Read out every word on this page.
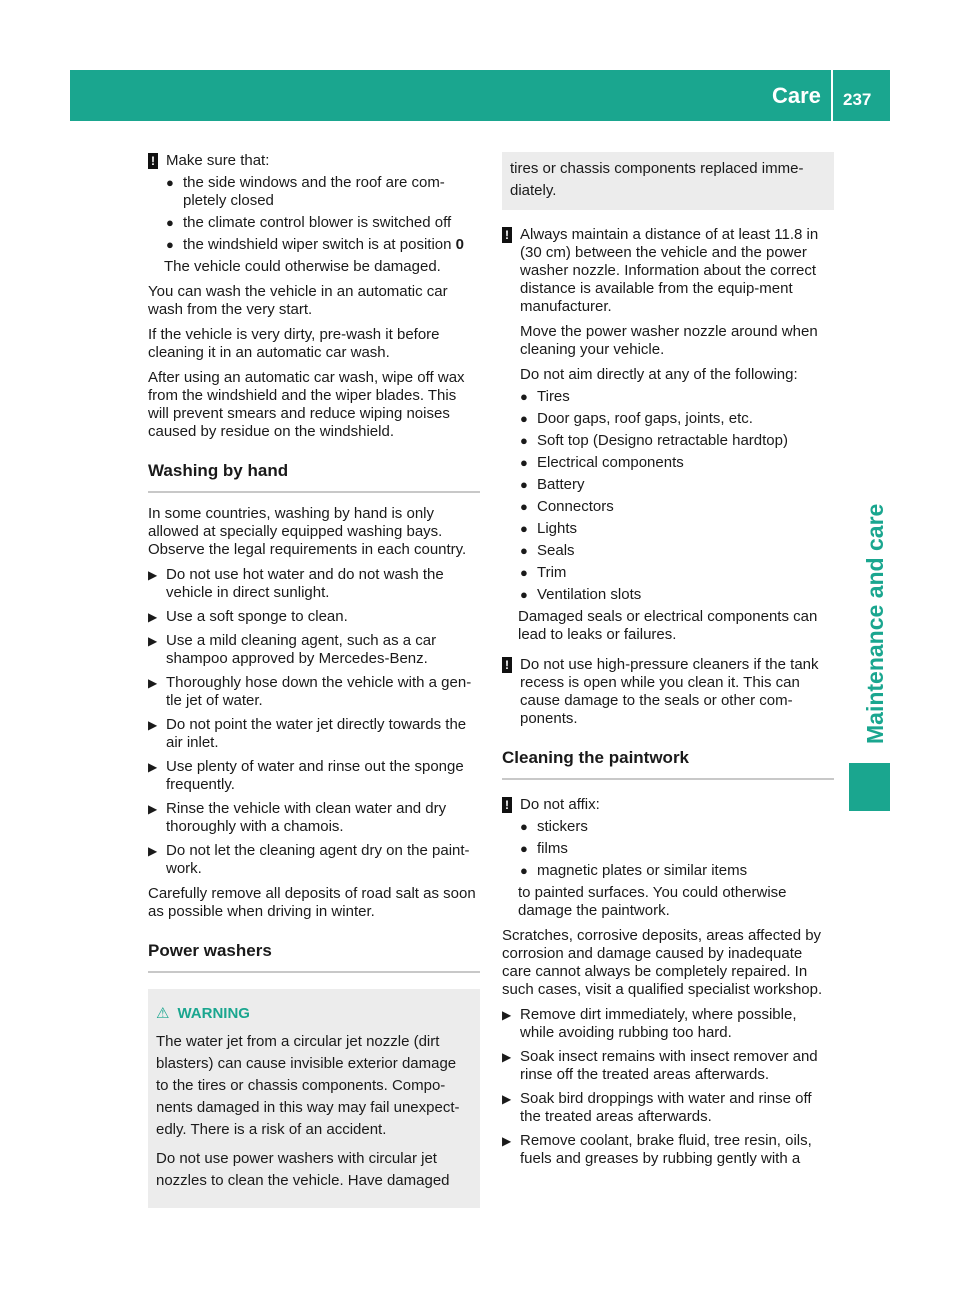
Care 237
Maintenance and care
! Make sure that:

● the side windows and the roof are com-pletely closed
● the climate control blower is switched off
● the windshield wiper switch is at position 0

The vehicle could otherwise be damaged.

You can wash the vehicle in an automatic car wash from the very start.

If the vehicle is very dirty, pre-wash it before cleaning it in an automatic car wash.

After using an automatic car wash, wipe off wax from the windshield and the wiper blades. This will prevent smears and reduce wiping noises caused by residue on the windshield.

Washing by hand

In some countries, washing by hand is only allowed at specially equipped washing bays. Observe the legal requirements in each country.

▶ Do not use hot water and do not wash the vehicle in direct sunlight.
▶ Use a soft sponge to clean.
▶ Use a mild cleaning agent, such as a car shampoo approved by Mercedes-Benz.
▶ Thoroughly hose down the vehicle with a gen-tle jet of water.
▶ Do not point the water jet directly towards the air inlet.
▶ Use plenty of water and rinse out the sponge frequently.
▶ Rinse the vehicle with clean water and dry thoroughly with a chamois.
▶ Do not let the cleaning agent dry on the paint-work.

Carefully remove all deposits of road salt as soon as possible when driving in winter.

Power washers
⚠ WARNING

The water jet from a circular jet nozzle (dirt blasters) can cause invisible exterior damage to the tires or chassis components. Compo-nents damaged in this way may fail unexpect-edly. There is a risk of an accident.

Do not use power washers with circular jet nozzles to clean the vehicle. Have damaged

tires or chassis components replaced imme-diately.
! Always maintain a distance of at least 11.8 in (30 cm) between the vehicle and the power washer nozzle. Information about the correct distance is available from the equip-ment manufacturer.

Move the power washer nozzle around when cleaning your vehicle.

Do not aim directly at any of the following:

● Tires
● Door gaps, roof gaps, joints, etc.
● Soft top (Designo retractable hardtop)
● Electrical components
● Battery
● Connectors
● Lights
● Seals
● Trim
● Ventilation slots

Damaged seals or electrical components can lead to leaks or failures.

! Do not use high-pressure cleaners if the tank recess is open while you clean it. This can cause damage to the seals or other com-ponents.

Cleaning the paintwork
! Do not affix:

● stickers
● films
● magnetic plates or similar items

to painted surfaces. You could otherwise damage the paintwork.

Scratches, corrosive deposits, areas affected by corrosion and damage caused by inadequate care cannot always be completely repaired. In such cases, visit a qualified specialist workshop.

▶ Remove dirt immediately, where possible, while avoiding rubbing too hard.
▶ Soak insect remains with insect remover and rinse off the treated areas afterwards.
▶ Soak bird droppings with water and rinse off the treated areas afterwards.
▶ Remove coolant, brake fluid, tree resin, oils, fuels and greases by rubbing gently with a
